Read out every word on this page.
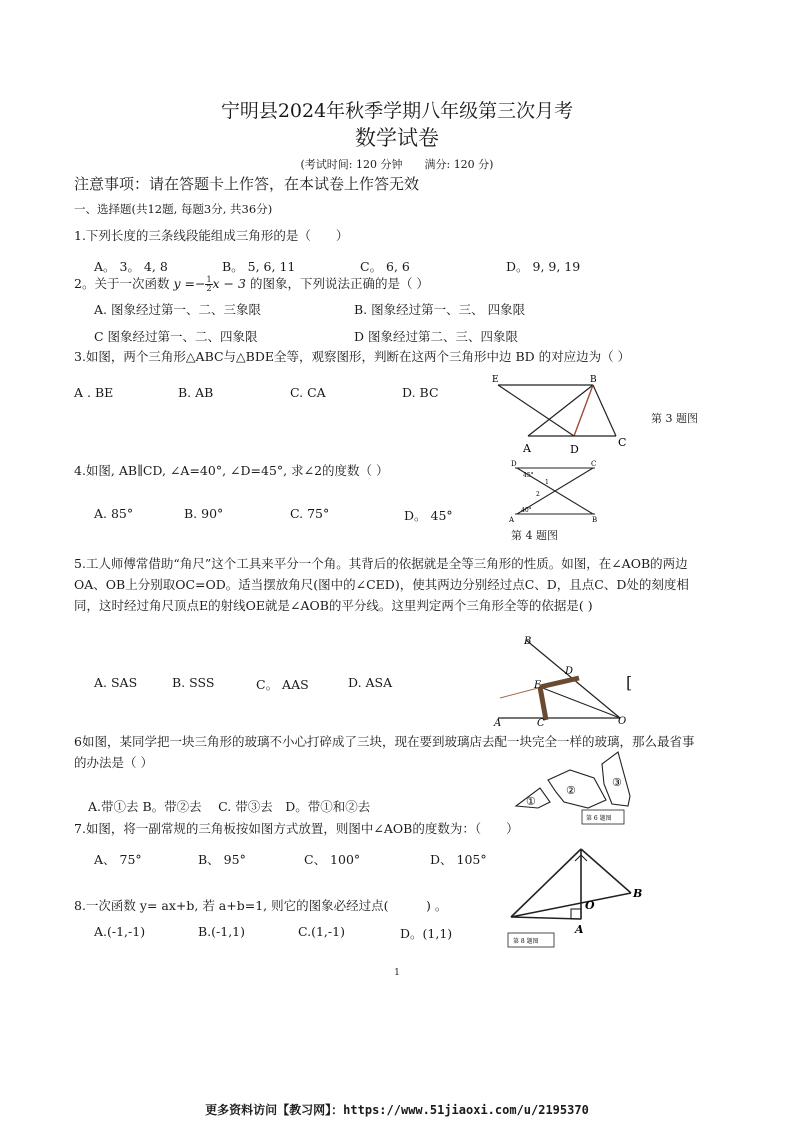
宁明县2024年秋季学期八年级第三次月考
数学试卷
(考试时间: 120 分钟　　满分: 120 分)
注意事项：请在答题卡上作答，在本试卷上作答无效
一、选择题(共12题, 每题3分, 共36分)
1.下列长度的三条线段能组成三角形的是（　　）
A。 3。 4, 8	B。 5, 6, 11	C。 6, 6	D。 9, 9, 19
2。关于一次函数 $y =- \frac{1}{2}$ x − 3 的图象，下列说法正确的是（ ）
A. 图象经过第一、二、三象限	B. 图象经过第一、三、 四象限
C 图象经过第一、二、四象限	D 图象经过第二、三、四象限
3.如图，两个三角形△ABC与△BDE全等，观察图形，判断在这两个三角形中边 BD 的对应边为（ ）
A . BE	B. AB	C. CA	D. BC
E	B
A	D
C
第 3 题图
4.如图, AB∥CD, ∠A=40°, ∠D=45°, 求∠2的度数（ ）
A. 85°	B. 90°	C. 75°	D。 45°
D	C
A	B
45°
40°
1
2
第 4 题图
5.工人师傅常借助“角尺”这个工具来平分一个角。其背后的依据就是全等三角形的性质。如图，在∠AOB的两边OA、OB上分别取OC=OD。适当摆放角尺(图中的∠CED)，使其两边分别经过点C、D，且点C、D处的刻度相同，这时经过角尺顶点E的射线OE就是∠AOB的平分线。这里判定两个三角形全等的依据是( )
A. SAS	B. SSS	C。 AAS	D. ASA
B
D
E
A	C	O
[
6如图，某同学把一块三角形的玻璃不小心打碎成了三块，现在要到玻璃店去配一块完全一样的玻璃，那么最省事的办法是（ ）
A.带①去 B。带②去　 C. 带③去　D。带①和②去	①
②
③
第 6 题图
7.如图，将一副常规的三角板按如图方式放置，则图中∠AOB的度数为：（　　）
A、 75°	B、 95°	C、 100°	D、 105°
O
B
A
第 8 题图
8.一次函数 y= ax+b, 若 a+b=1, 则它的图象必经过点(　　　) 。
A.(-1,-1)	B.(-1,1)	C.(1,-1)	D。(1,1)
1
更多资料访问【教习网】：https://www.51jiaoxi.com/u/2195370
